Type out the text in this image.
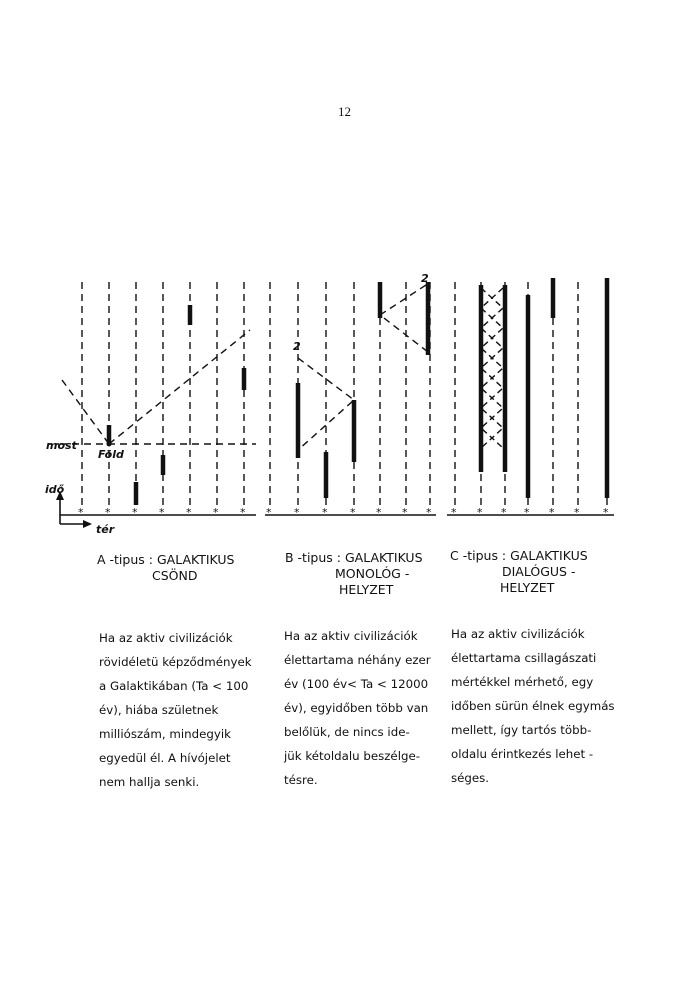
12
* * * * * * * * * * * * * * * * * * * * *
most
Föld
idő
tér
2
2
A -tipus : GALAKTIKUS
CSÖND
B -tipus : GALAKTIKUS
MONOLÓG -
HELYZET
C -tipus : GALAKTIKUS
DIALÓGUS -
HELYZET
Ha az aktiv civilizációk
rövidéletü képződmények
a Galaktikában (Ta < 100
év), hiába születnek
milliószám, mindegyik
egyedül él. A hívójelet
nem hallja senki.
Ha az aktiv civilizációk
élettartama néhány ezer
év (100 év< Ta < 12000
év), egyidőben több van
belőlük, de nincs ide-
jük kétoldalu beszélge-
tésre.
Ha az aktiv civilizációk
élettartama csillagászati
mértékkel mérhető, egy
időben sürün élnek egymás
mellett, így tartós több-
oldalu érintkezés lehet -
séges.
